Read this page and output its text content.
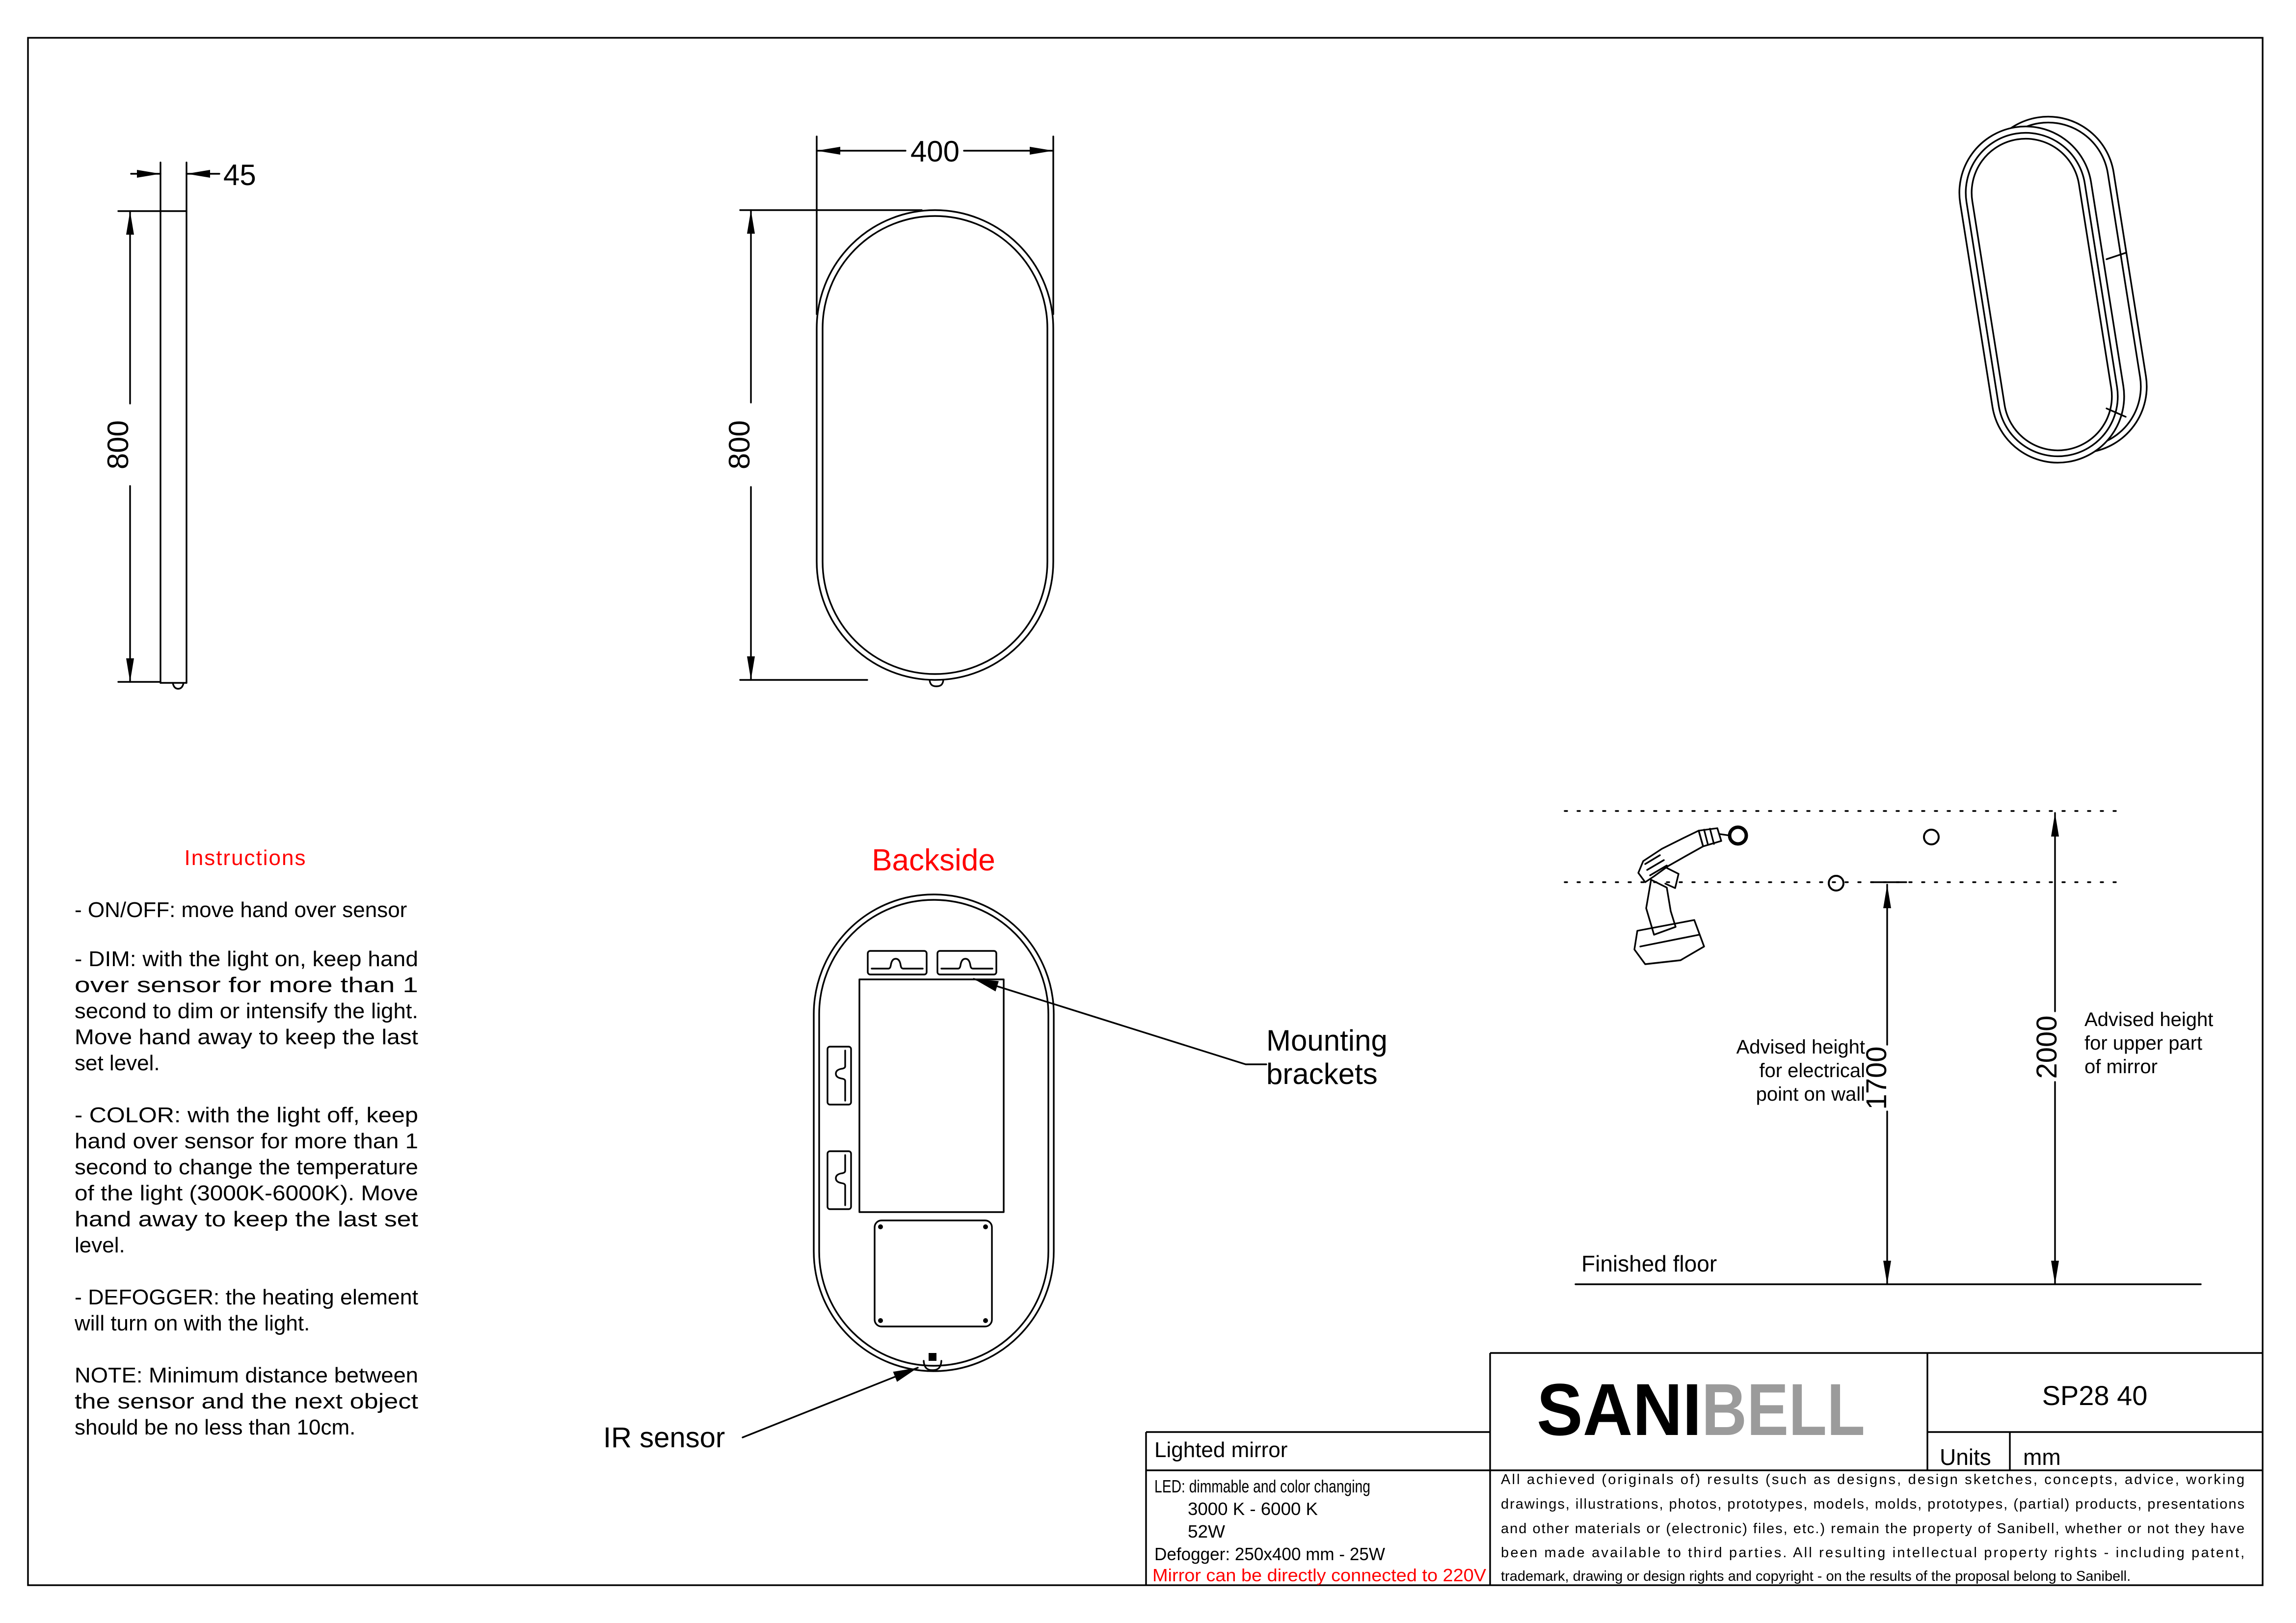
45
800
400
800
Instructions
- ON/OFF: move hand over sensor
- DIM: with the light on, keep hand
over sensor for more than 1
second to dim or intensify the light.
Move hand away to keep the last
set level.
- COLOR: with the light off, keep
hand over sensor for more than 1
second to change the temperature
of the light (3000K-6000K). Move
hand away to keep the last set
level.
- DEFOGGER: the heating element
will turn on with the light.
NOTE: Minimum distance between
the sensor and the next object
should be no less than 10cm.
Backside
Mounting
brackets
IR sensor
1700
Advised height
for electrical
point on wall
2000 Advised height
for upper part
of mirror
Finished floor
Lighted mirror	SANI BELL	SP28 40
Units mm
LED: dimmable and color changing
3000 K - 6000 K
52W
Defogger: 250x400 mm - 25W
Mirror can be directly connected to 220V
All achieved (originals of) results (such as designs, design sketches, concepts, advice, working
drawings, illustrations, photos, prototypes, models, molds, prototypes, (partial) products, presentations
and other materials or (electronic) files, etc.) remain the property of Sanibell, whether or not they have
been made available to third parties. All resulting intellectual property rights - including patent,
trademark, drawing or design rights and copyright - on the results of the proposal belong to Sanibell.
